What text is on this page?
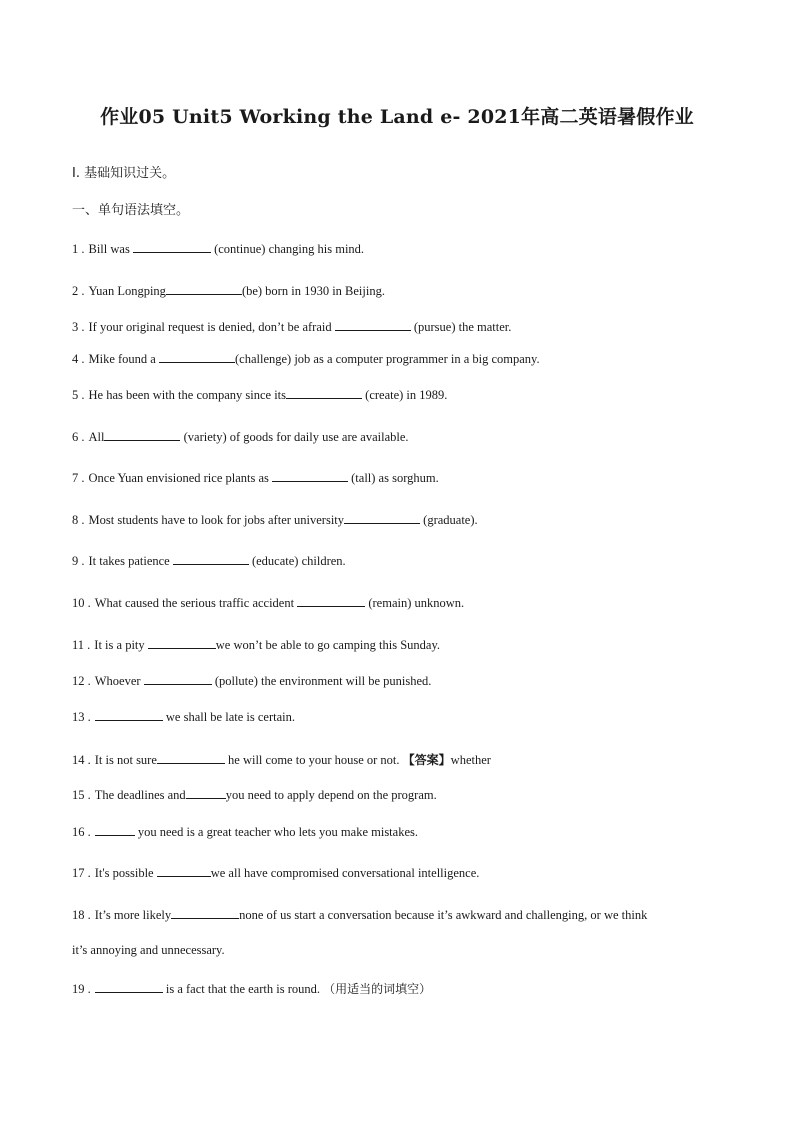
作业05 Unit5 Working the Land e- 2021年高二英语暑假作业
I. 基础知识过关。
一、单句语法填空。
1 . Bill was	(continue) changing his mind.
2 . Yuan Longping	(be) born in 1930 in Beijing.
3 . If your original request is denied, don’t be afraid	(pursue) the matter.
4 . Mike found a	(challenge) job as a computer programmer in a big company.
5 . He has been with the company since its	(create) in 1989.
6 . All	(variety) of goods for daily use are available.
7 . Once Yuan envisioned rice plants as	(tall) as sorghum.
8 . Most students have to look for jobs after university	(graduate).
9 . It takes patience	(educate) children.
10 . What caused the serious traffic accident	(remain) unknown.
11 . It is a pity	we won’t be able to go camping this Sunday.
12 . Whoever	(pollute) the environment will be punished.
13 .	we shall be late is certain.
14 . It is not sure	he will come to your house or not. 【答案】whether
15 . The deadlines and	you need to apply depend on the program.
16 .	you need is a great teacher who lets you make mistakes.
17 . It's possible	we all have compromised conversational intelligence.
18 . It’s more likely	none of us start a conversation because it’s awkward and challenging, or we think
it’s annoying and unnecessary.
19 .	is a fact that the earth is round. （用适当的词填空）
